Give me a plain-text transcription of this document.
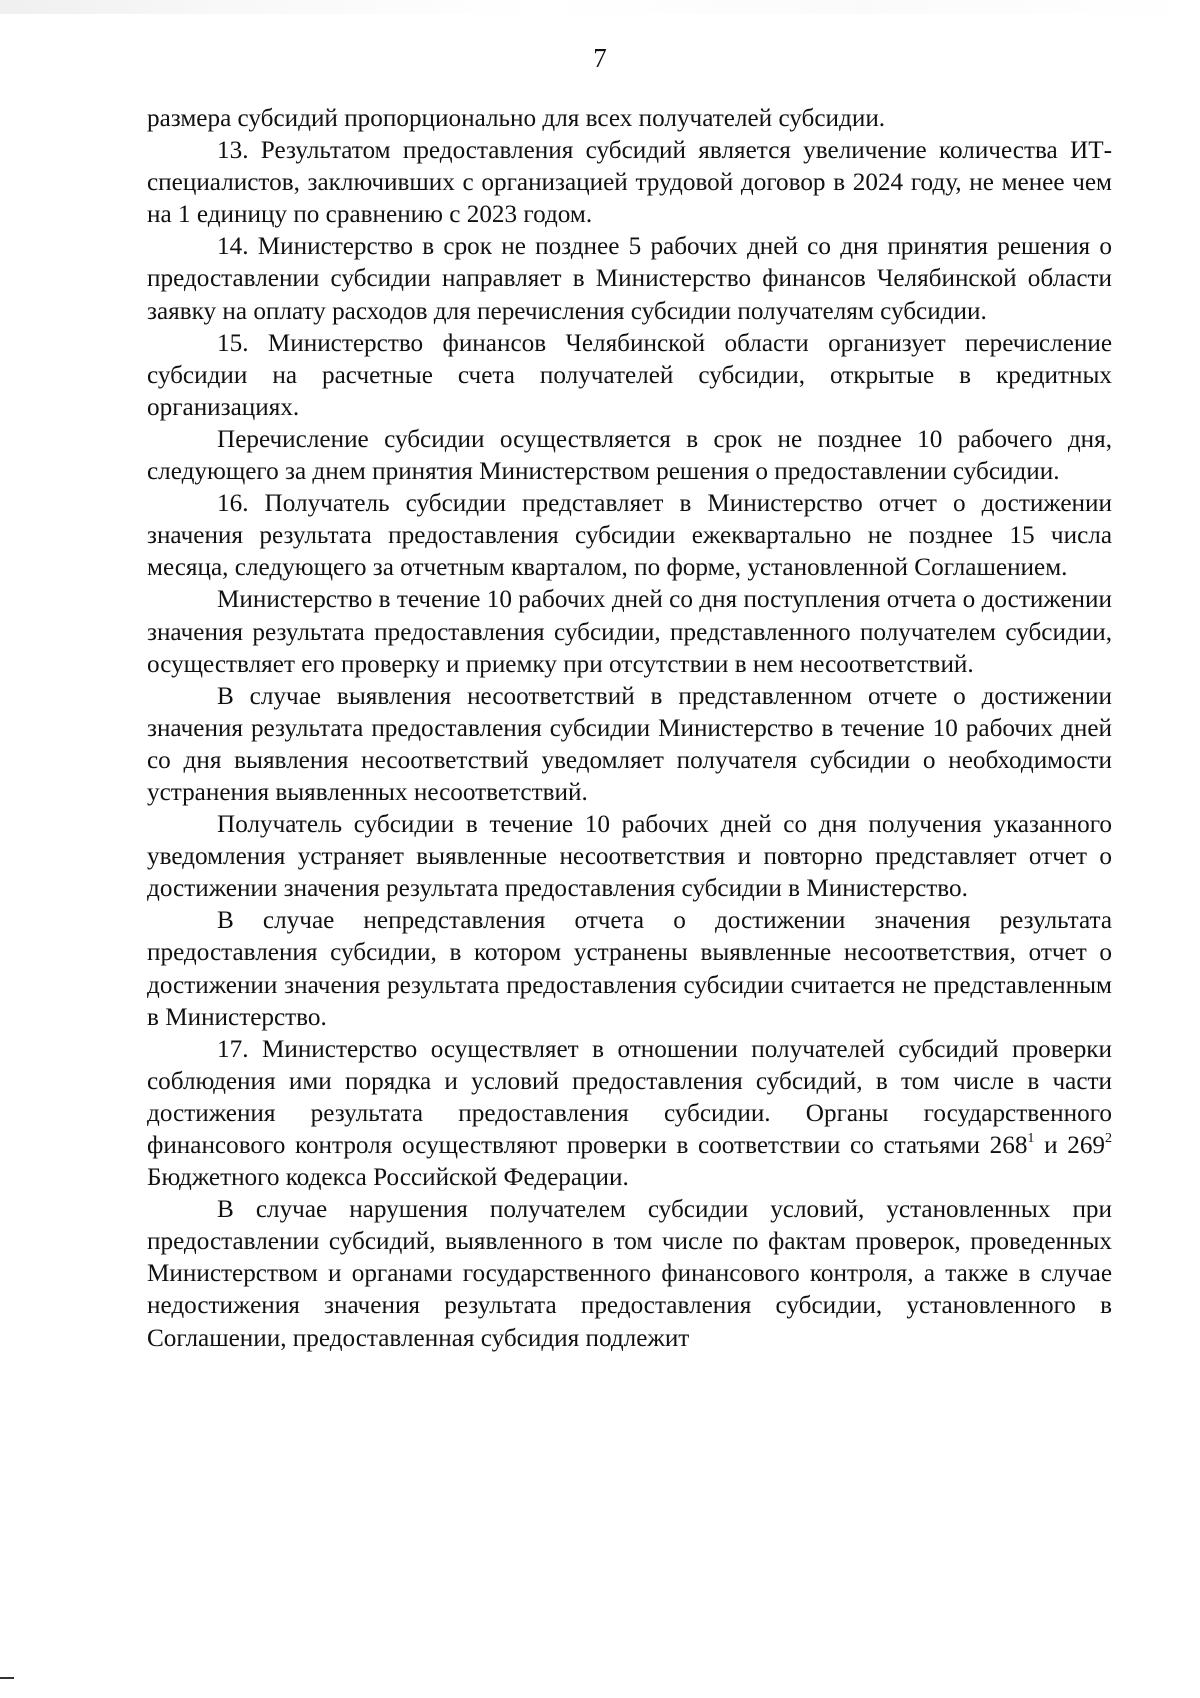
7

размера субсидий пропорционально для всех получателей субсидии.

13. Результатом предоставления субсидий является увеличение количества ИТ-специалистов, заключивших с организацией трудовой договор в 2024 году, не менее чем на 1 единицу по сравнению с 2023 годом.

14. Министерство в срок не позднее 5 рабочих дней со дня принятия решения о предоставлении субсидии направляет в Министерство финансов Челябинской области заявку на оплату расходов для перечисления субсидии получателям субсидии.

15. Министерство финансов Челябинской области организует перечисление субсидии на расчетные счета получателей субсидии, открытые в кредитных организациях.

Перечисление субсидии осуществляется в срок не позднее 10 рабочего дня, следующего за днем принятия Министерством решения о предоставлении субсидии.

16. Получатель субсидии представляет в Министерство отчет о достижении значения результата предоставления субсидии ежеквартально не позднее 15 числа месяца, следующего за отчетным кварталом, по форме, установленной Соглашением.

Министерство в течение 10 рабочих дней со дня поступления отчета о достижении значения результата предоставления субсидии, представленного получателем субсидии, осуществляет его проверку и приемку при отсутствии в нем несоответствий.

В случае выявления несоответствий в представленном отчете о достижении значения результата предоставления субсидии Министерство в течение 10 рабочих дней со дня выявления несоответствий уведомляет получателя субсидии о необходимости устранения выявленных несоответствий.

Получатель субсидии в течение 10 рабочих дней со дня получения указанного уведомления устраняет выявленные несоответствия и повторно представляет отчет о достижении значения результата предоставления субсидии в Министерство.

В случае непредставления отчета о достижении значения результата предоставления субсидии, в котором устранены выявленные несоответствия, отчет о достижении значения результата предоставления субсидии считается не представленным в Министерство.

17. Министерство осуществляет в отношении получателей субсидий проверки соблюдения ими порядка и условий предоставления субсидий, в том числе в части достижения результата предоставления субсидии. Органы государственного финансового контроля осуществляют проверки в соответствии со статьями $268^1$ и $269^2$ Бюджетного кодекса Российской Федерации.

В случае нарушения получателем субсидии условий, установленных при предоставлении субсидий, выявленного в том числе по фактам проверок, проведенных Министерством и органами государственного финансового контроля, а также в случае недостижения значения результата предоставления субсидии, установленного в Соглашении, предоставленная субсидия подлежит
